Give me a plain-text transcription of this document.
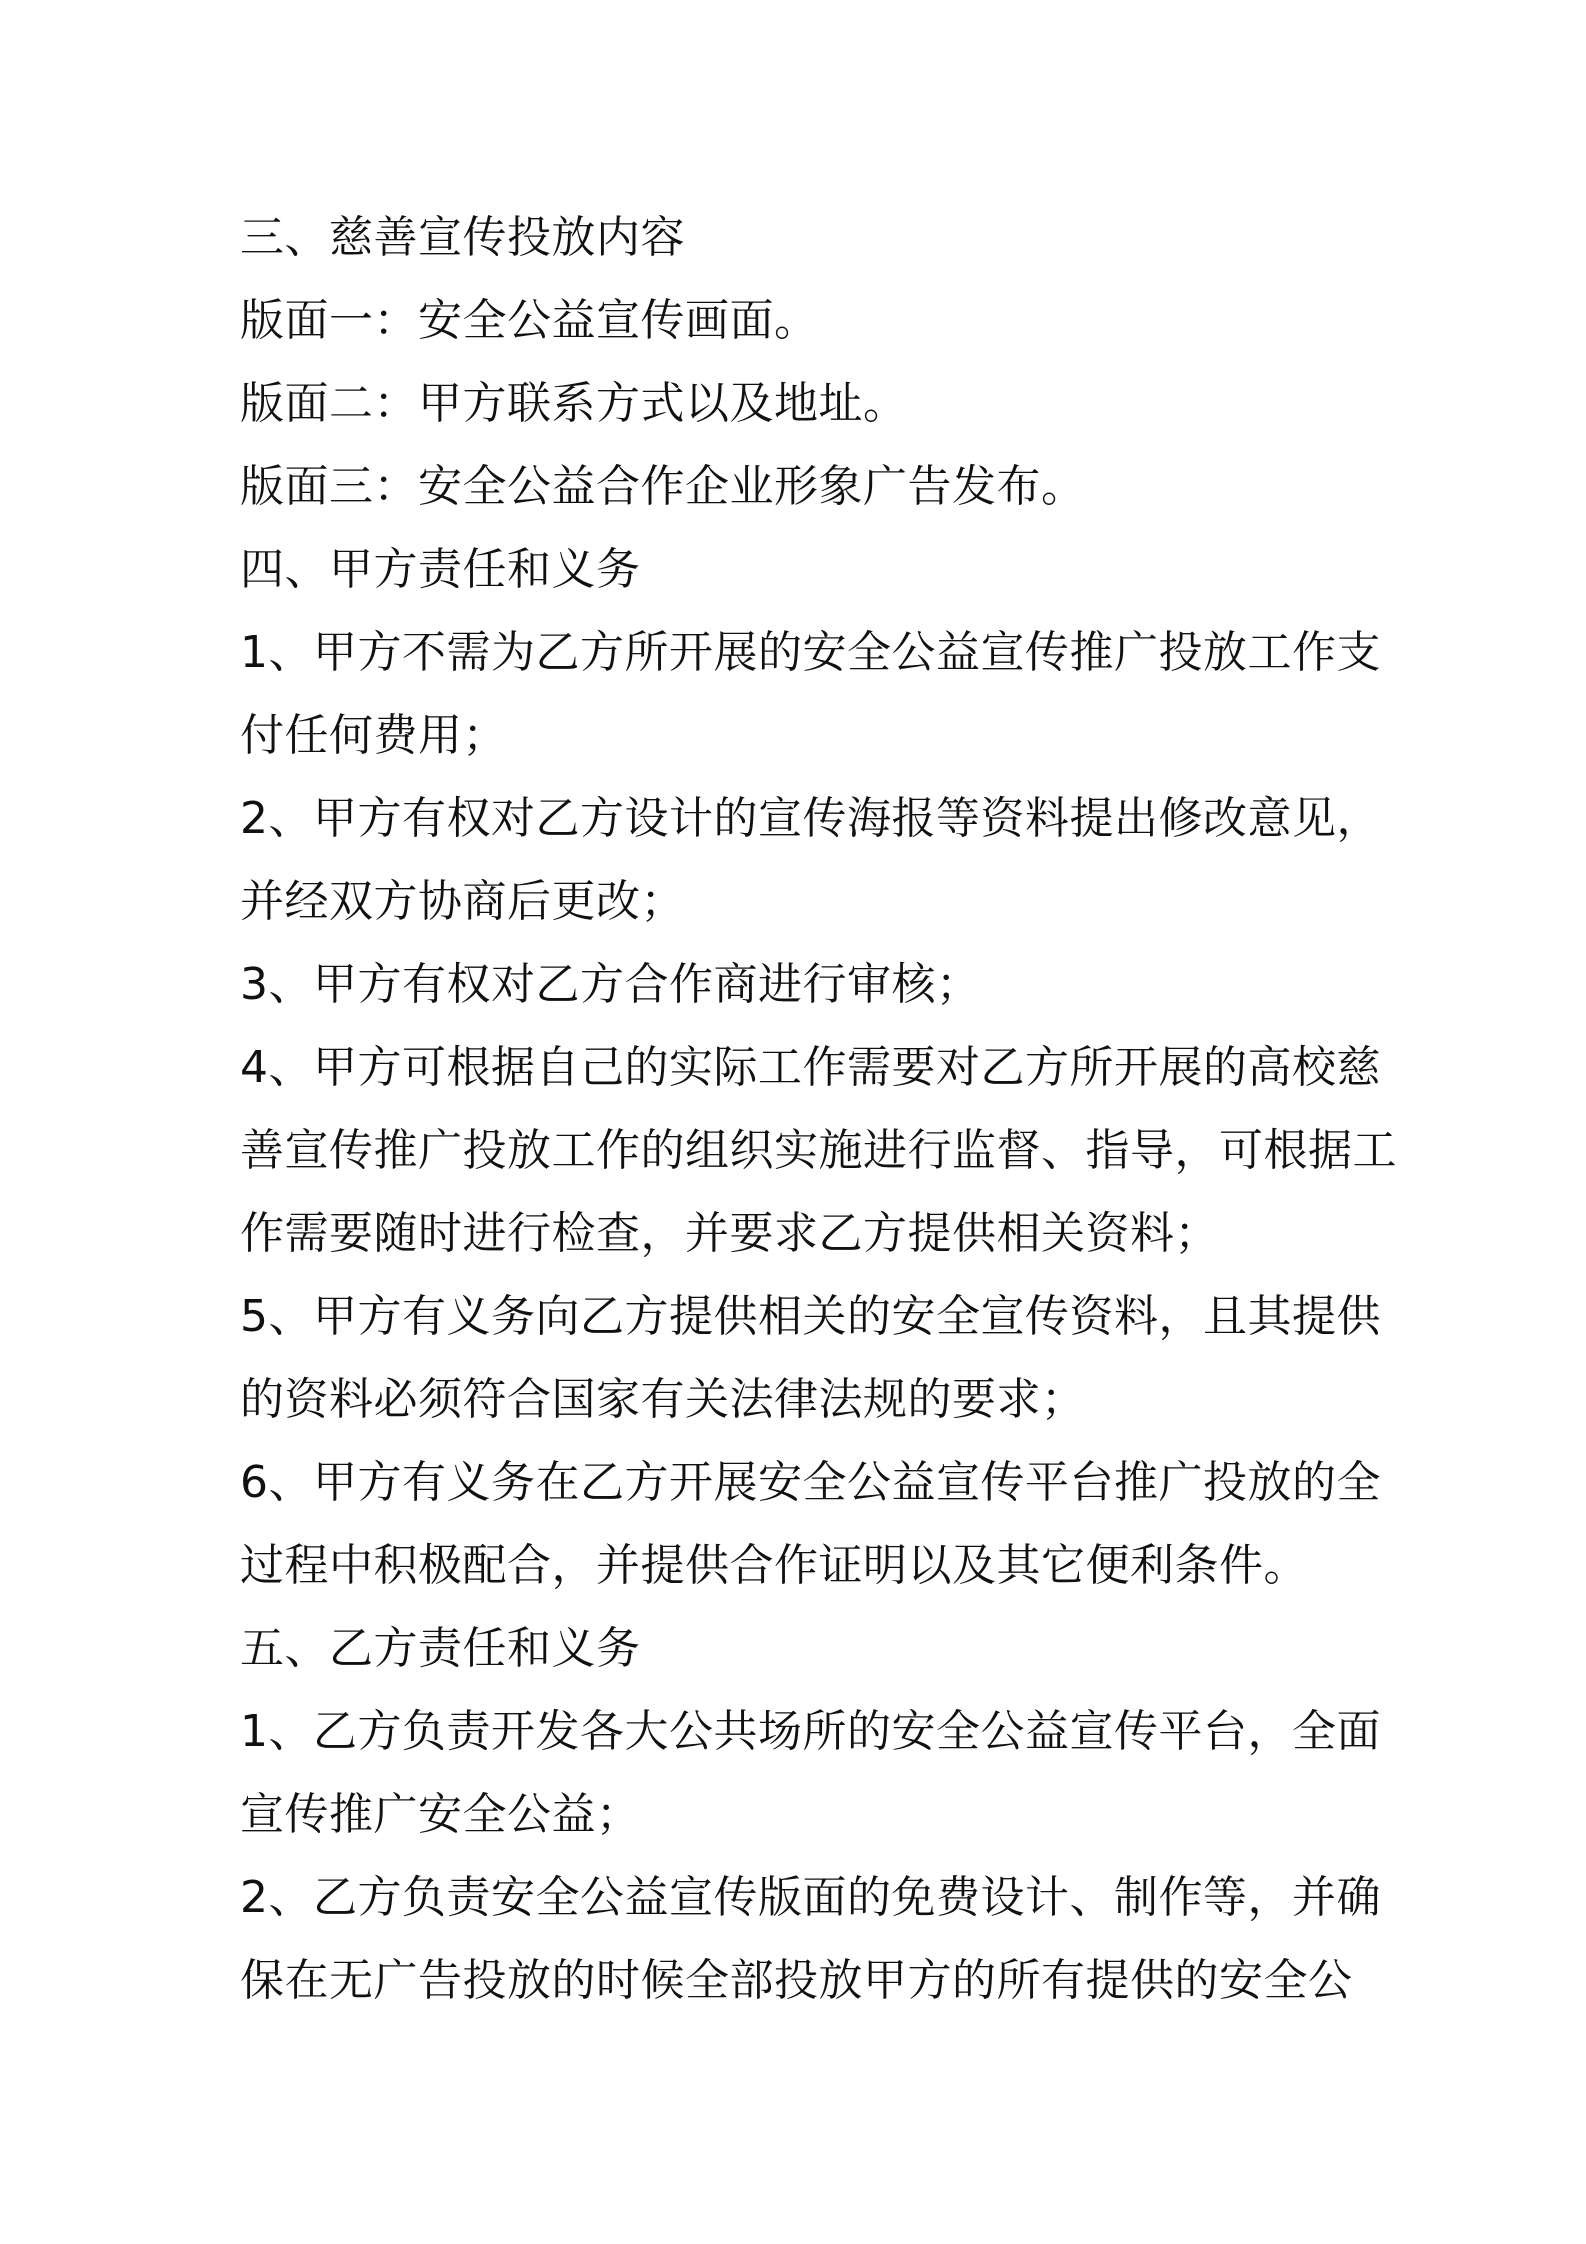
三、慈善宣传投放内容
版面一：安全公益宣传画面。
版面二：甲方联系方式以及地址。
版面三：安全公益合作企业形象广告发布。
四、甲方责任和义务
1、甲方不需为乙方所开展的安全公益宣传推广投放工作支
付任何费用；
2、甲方有权对乙方设计的宣传海报等资料提出修改意见，
并经双方协商后更改；
3、甲方有权对乙方合作商进行审核；
4、甲方可根据自己的实际工作需要对乙方所开展的高校慈
善宣传推广投放工作的组织实施进行监督、指导，可根据工
作需要随时进行检查，并要求乙方提供相关资料；
5、甲方有义务向乙方提供相关的安全宣传资料，且其提供
的资料必须符合国家有关法律法规的要求；
6、甲方有义务在乙方开展安全公益宣传平台推广投放的全
过程中积极配合，并提供合作证明以及其它便利条件。
五、乙方责任和义务
1、乙方负责开发各大公共场所的安全公益宣传平台，全面
宣传推广安全公益；
2、乙方负责安全公益宣传版面的免费设计、制作等，并确
保在无广告投放的时候全部投放甲方的所有提供的安全公
